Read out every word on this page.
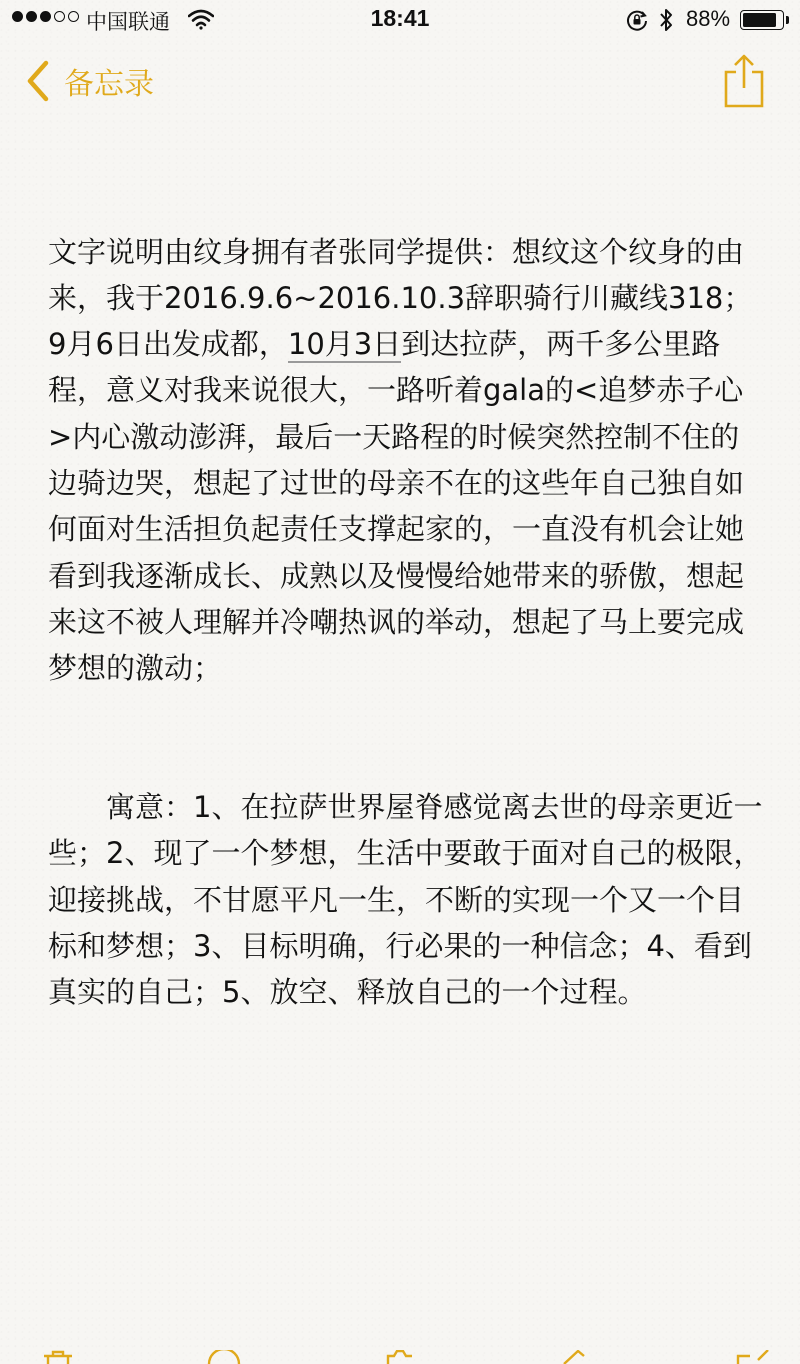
中国联通	18:41	88%
备忘录

文字说明由纹身拥有者张同学提供：想纹这个纹身的由来，我于2016.9.6~2016.10.3辞职骑行川藏线318；9月6日出发成都，10月3日到达拉萨，两千多公里路程，意义对我来说很大，一路听着gala的<追梦赤子心>内心激动澎湃，最后一天路程的时候突然控制不住的边骑边哭，想起了过世的母亲不在的这些年自己独自如何面对生活担负起责任支撑起家的，一直没有机会让她看到我逐渐成长、成熟以及慢慢给她带来的骄傲，想起来这不被人理解并冷嘲热讽的举动，想起了马上要完成梦想的激动；

寓意：1、在拉萨世界屋脊感觉离去世的母亲更近一些；2、现了一个梦想，生活中要敢于面对自己的极限，迎接挑战，不甘愿平凡一生，不断的实现一个又一个目标和梦想；3、目标明确，行必果的一种信念；4、看到真实的自己；5、放空、释放自己的一个过程。
